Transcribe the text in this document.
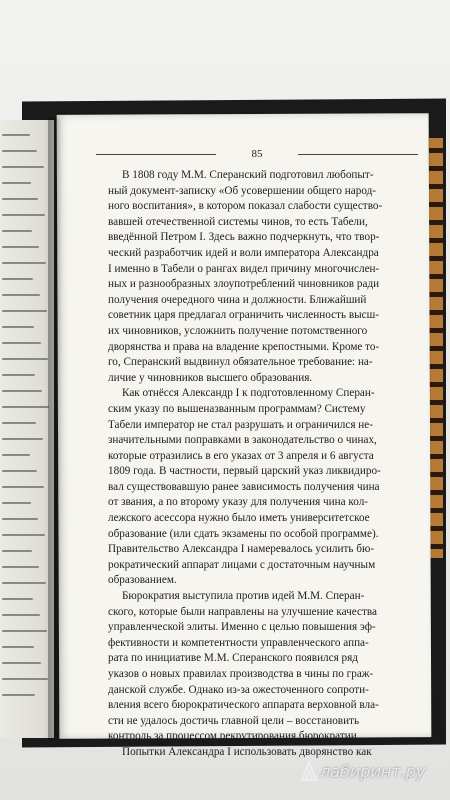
85
В 1808 году М.М. Сперанский подготовил любопыт-
ный документ-записку «Об усовершении общего народ-
ного воспитания», в котором показал слабости существо-
вавшей отечественной системы чинов, то есть Табели,
введённой Петром I. Здесь важно подчеркнуть, что твор-
ческий разработчик идей и воли императора Александра
I именно в Табели о рангах видел причину многочислен-
ных и разнообразных злоупотреблений чиновников ради
получения очередного чина и должности. Ближайший
советник царя предлагал ограничить численность высш-
их чиновников, усложнить получение потомственного
дворянства и права на владение крепостными. Кроме то-
го, Сперанский выдвинул обязательное требование: на-
личие у чиновников высшего образования.
Как отнёсся Александр I к подготовленному Сперан-
ским указу по вышеназванным программам? Систему
Табели император не стал разрушать и ограничился не-
значительными поправками в законодательство о чинах,
которые отразились в его указах от 3 апреля и 6 августа
1809 года. В частности, первый царский указ ликвидиро-
вал существовавшую ранее зависимость получения чина
от звания, а по второму указу для получения чина кол-
лежского асессора нужно было иметь университетское
образование (или сдать экзамены по особой программе).
Правительство Александра I намеревалось усилить бю-
рократический аппарат лицами с достаточным научным
образованием.
Бюрократия выступила против идей М.М. Сперан-
ского, которые были направлены на улучшение качества
управленческой элиты. Именно с целью повышения эф-
фективности и компетентности управленческого аппа-
рата по инициативе М.М. Сперанского появился ряд
указов о новых правилах производства в чины по граж-
данской службе. Однако из-за ожесточенного сопроти-
вления всего бюрократического аппарата верховной вла-
сти не удалось достичь главной цели – восстановить
контроль за процессом рекрутирования бюрократии.
Попытки Александра I использовать дворянство как
лабиринт.ру
